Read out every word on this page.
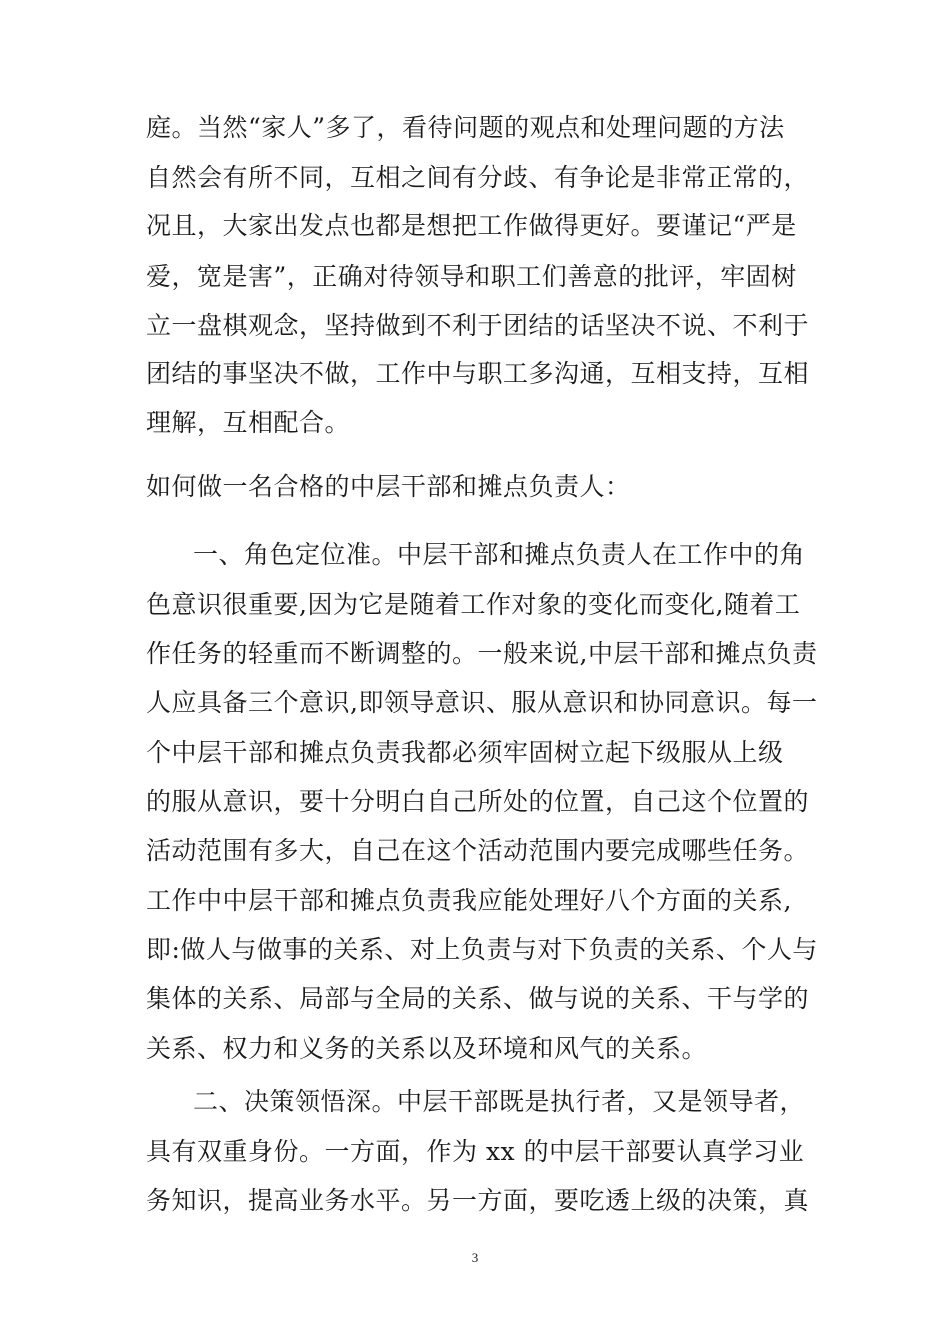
庭。当然“家人”多了，看待问题的观点和处理问题的方法
自然会有所不同，互相之间有分歧、有争论是非常正常的，
况且，大家出发点也都是想把工作做得更好。要谨记“严是
爱，宽是害”，正确对待领导和职工们善意的批评，牢固树
立一盘棋观念，坚持做到不利于团结的话坚决不说、不利于
团结的事坚决不做，工作中与职工多沟通，互相支持，互相
理解，互相配合。
如何做一名合格的中层干部和摊点负责人：
一、角色定位准。中层干部和摊点负责人在工作中的角
色意识很重要,因为它是随着工作对象的变化而变化,随着工
作任务的轻重而不断调整的。一般来说,中层干部和摊点负责
人应具备三个意识,即领导意识、服从意识和协同意识。每一
个中层干部和摊点负责我都必须牢固树立起下级服从上级
的服从意识，要十分明白自己所处的位置，自己这个位置的
活动范围有多大，自己在这个活动范围内要完成哪些任务。
工作中中层干部和摊点负责我应能处理好八个方面的关系,
即:做人与做事的关系、对上负责与对下负责的关系、个人与
集体的关系、局部与全局的关系、做与说的关系、干与学的
关系、权力和义务的关系以及环境和风气的关系。
二、决策领悟深。中层干部既是执行者，又是领导者，
具有双重身份。一方面，作为 xx 的中层干部要认真学习业
务知识，提高业务水平。另一方面，要吃透上级的决策，真
3
